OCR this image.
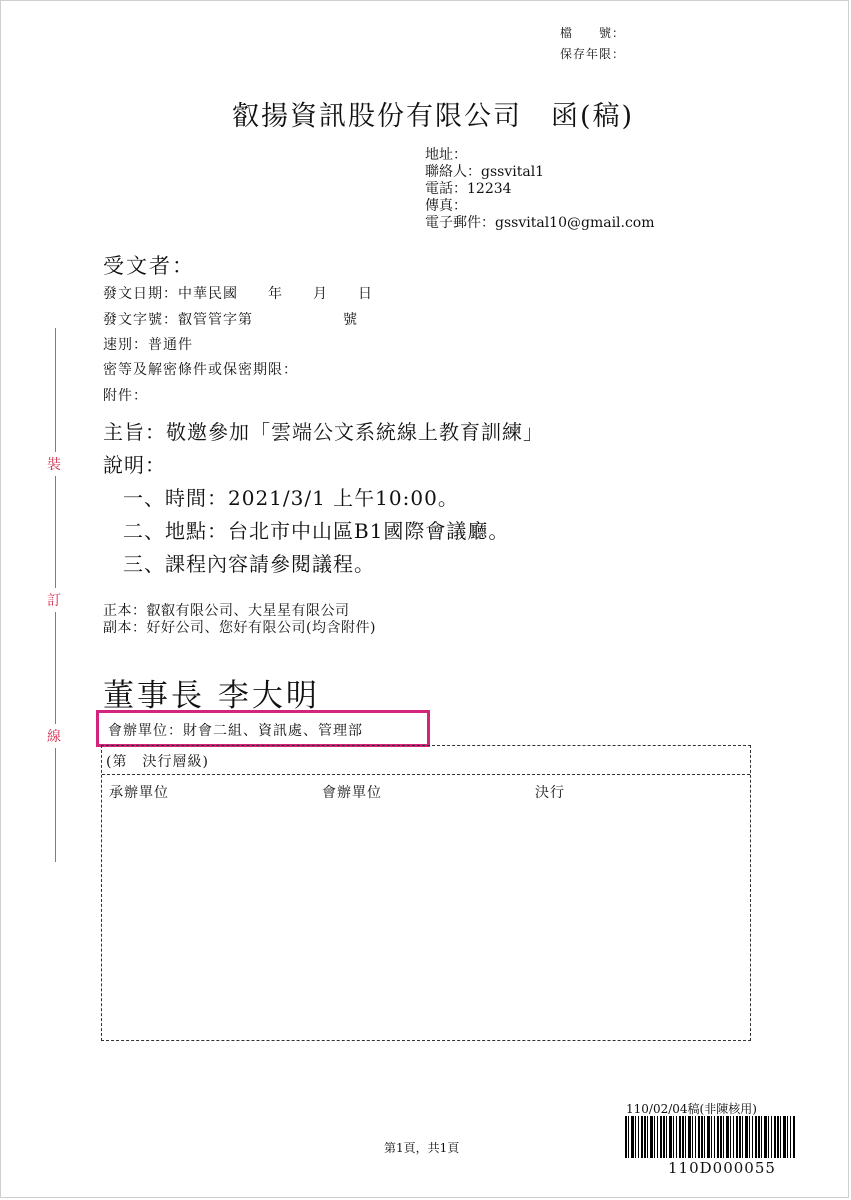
檔　　號：
保存年限：
叡揚資訊股份有限公司　函(稿)
地址：
聯絡人：gssvital1
電話：12234
傳真：
電子郵件：gssvital10@gmail.com
受文者：
發文日期：中華民國　　年　　月　　日
發文字號：叡管管字第　　　　　　號
速別：普通件
密等及解密條件或保密期限：
附件：
主旨：敬邀參加「雲端公文系統線上教育訓練」
說明：
一、時間：2021/3/1 上午10:00。
二、地點：台北市中山區B1國際會議廳。
三、課程內容請參閱議程。
正本：叡叡有限公司、大星星有限公司
副本：好好公司、您好有限公司(均含附件)
董事長 李大明
會辦單位：財會二組、資訊處、管理部
(第　決行層級)
承辦單位	會辦單位	決行
裝
訂
線
第1頁，共1頁
110/02/04稿(非陳核用)
110D000055
